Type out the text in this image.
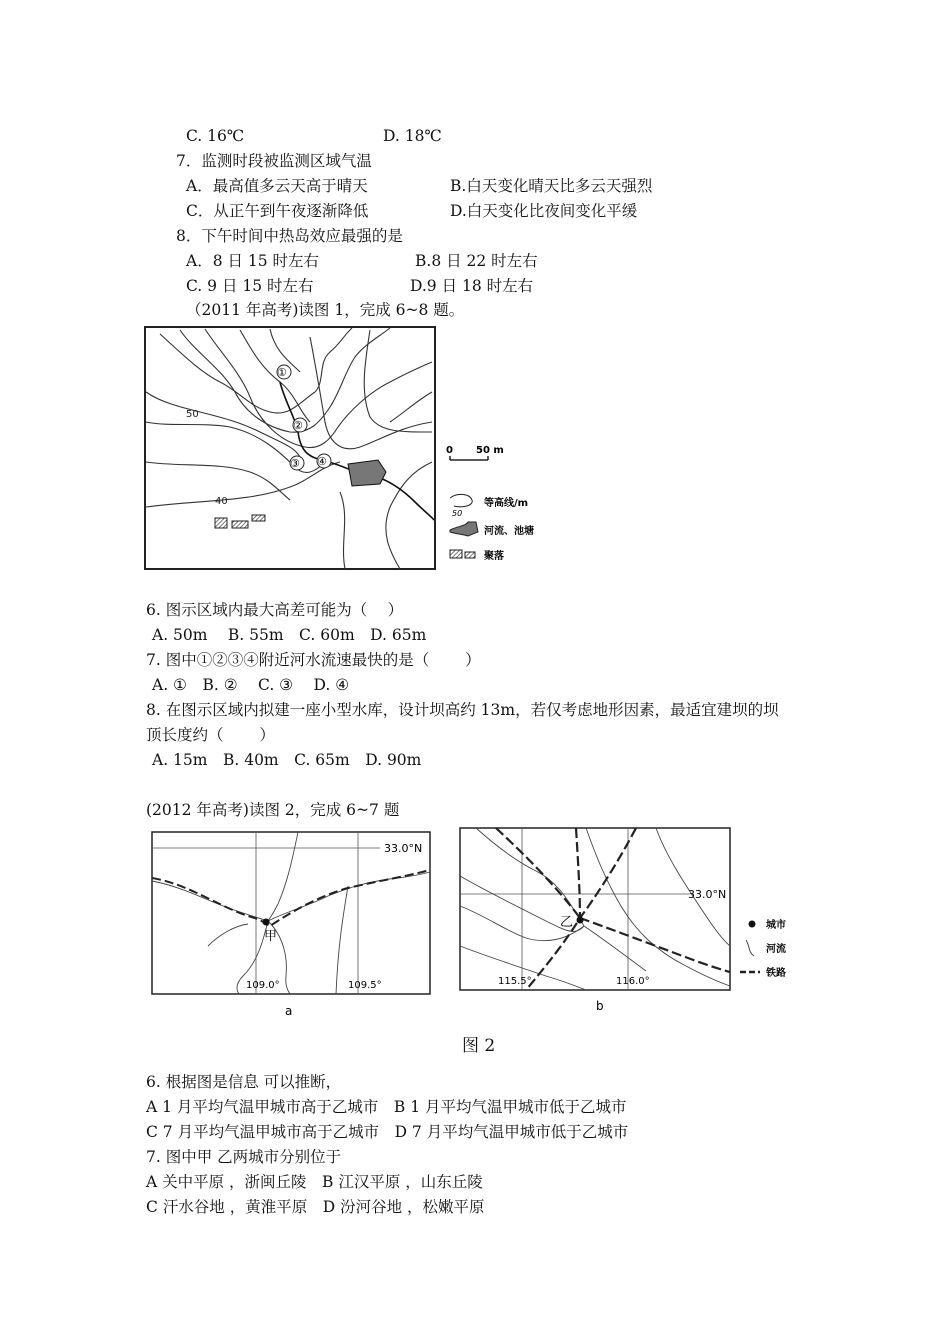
C. 16℃	D. 18℃
7．监测时段被监测区域气温
A．最高值多云天高于晴天	B.白天变化晴天比多云天强烈
C．从正午到午夜逐渐降低	D.白天变化比夜间变化平缓
8．下午时间中热岛效应最强的是
A．8 日 15 时左右	B.8 日 22 时左右
C. 9 日 15 时左右	D.9 日 18 时左右
（2011 年高考)读图 1，完成 6~8 题。
50
40
①
②
③ ④
0 50 m
50
等高线/m
河流、池塘
聚落
6. 图示区域内最大高差可能为（　 ）
A. 50m　 B. 55m　C. 60m　D. 65m
7. 图中①②③④附近河水流速最快的是（　　 ）
A. ①　B. ②　 C. ③　 D. ④
8. 在图示区域内拟建一座小型水库，设计坝高约 13m，若仅考虑地形因素，最适宜建坝的坝
顶长度约（　　 ）
A. 15m　B. 40m　C. 65m　D. 90m
(2012 年高考)读图 2，完成 6~7 题
甲
33.0°N
109.0°	109.5°
a
乙
33.0°N
115.5°	116.0°
b
城市
河流
铁路
图 2
6. 根据图是信息 可以推断，
A 1 月平均气温甲城市高于乙城市　B 1 月平均气温甲城市低于乙城市
C 7 月平均气温甲城市高于乙城市　D 7 月平均气温甲城市低于乙城市
7. 图中甲 乙两城市分别位于
A 关中平原 ，浙闽丘陵　B 江汉平原 ，山东丘陵
C 汗水谷地 ，黄淮平原　D 汾河谷地 ，松嫩平原
